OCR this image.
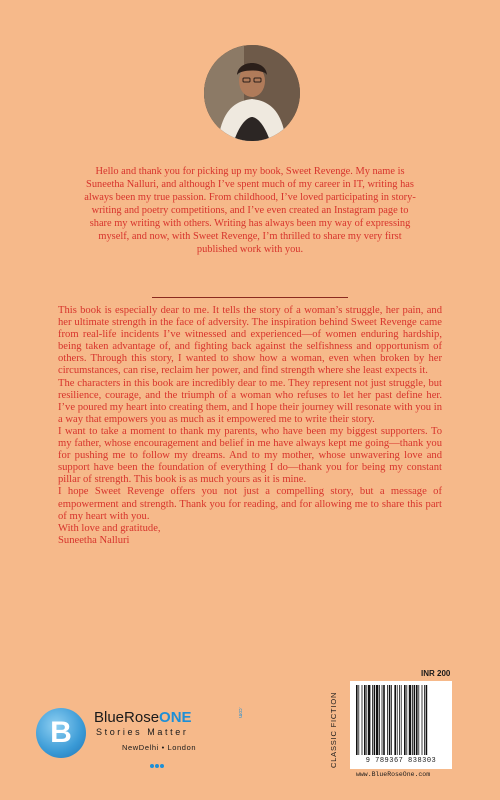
Hello and thank you for picking up my book, Sweet Revenge. My name is Suneetha Nalluri, and although I’ve spent much of my career in IT, writing has always been my true passion. From childhood, I’ve loved participating in story-writing and poetry competitions, and I’ve even created an Instagram page to share my writing with others. Writing has always been my way of expressing myself, and now, with Sweet Revenge, I’m thrilled to share my very first published work with you.

This book is especially dear to me. It tells the story of a woman’s struggle, her pain, and her ultimate strength in the face of adversity. The inspiration behind Sweet Revenge came from real-life incidents I’ve witnessed and experienced—of women enduring hardship, being taken advantage of, and fighting back against the selfishness and opportunism of others. Through this story, I wanted to show how a woman, even when broken by her circumstances, can rise, reclaim her power, and find strength where she least expects it.

The characters in this book are incredibly dear to me. They represent not just struggle, but resilience, courage, and the triumph of a woman who refuses to let her past define her. I’ve poured my heart into creating them, and I hope their journey will resonate with you in a way that empowers you as much as it empowered me to write their story.

I want to take a moment to thank my parents, who have been my biggest supporters. To my father, whose encouragement and belief in me have always kept me going—thank you for pushing me to follow my dreams. And to my mother, whose unwavering love and support have been the foundation of everything I do—thank you for being my constant pillar of strength. This book is as much yours as it is mine.

I hope Sweet Revenge offers you not just a compelling story, but a message of empowerment and strength. Thank you for reading, and for allowing me to share this part of my heart with you.

With love and gratitude,

Suneetha Nalluri

B	BlueRoseONE	.com
Stories Matter
NewDelhi • London	CLASSIC FICTION
INR 200
9 789367 838303
www.BlueRoseOne.com
